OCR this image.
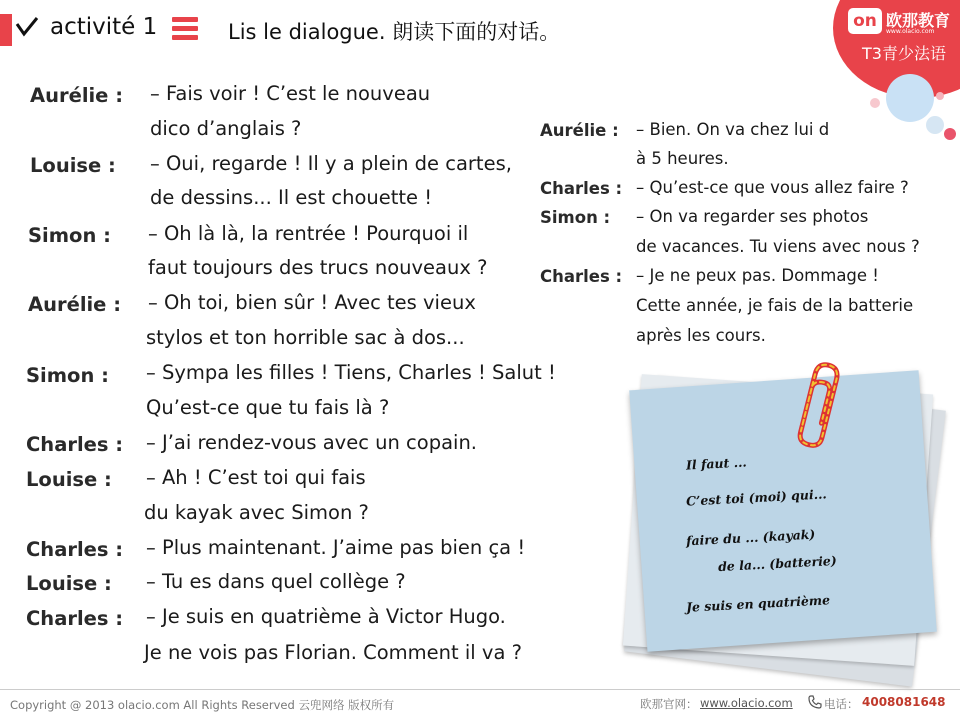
activité 1	Lis le dialogue. 朗读下面的对话。	on 欧那教育
www.olacio.com
T3青少法语
Aurélie : – Fais voir ! C’est le nouveau
dico d’anglais ?
Louise : – Oui, regarde ! Il y a plein de cartes,
de dessins... Il est chouette !
Simon : – Oh là là, la rentrée ! Pourquoi il
faut toujours des trucs nouveaux ?
Aurélie : – Oh toi, bien sûr ! Avec tes vieux
stylos et ton horrible sac à dos...
Simon : – Sympa les filles ! Tiens, Charles ! Salut !
Qu’est-ce que tu fais là ?
Charles : – J’ai rendez-vous avec un copain.
Louise : – Ah ! C’est toi qui fais
du kayak avec Simon ?
Charles : – Plus maintenant. J’aime pas bien ça !
Louise : – Tu es dans quel collège ?
Charles : – Je suis en quatrième à Victor Hugo.
Je ne vois pas Florian. Comment il va ?
Aurélie : – Bien. On va chez lui d
à 5 heures.
Charles : – Qu’est-ce que vous allez faire ?
Simon : – On va regarder ses photos
de vacances. Tu viens avec nous ?
Charles : – Je ne peux pas. Dommage !
Cette année, je fais de la batterie
après les cours.
Il faut ...
C’est toi (moi) qui...
faire du ... (kayak)
de la... (batterie)
Je suis en quatrième
Copyright @ 2013 olacio.com All Rights Reserved 云兜网络 版权所有	欧那官网： www.olacio.com	电话： 4008081648
